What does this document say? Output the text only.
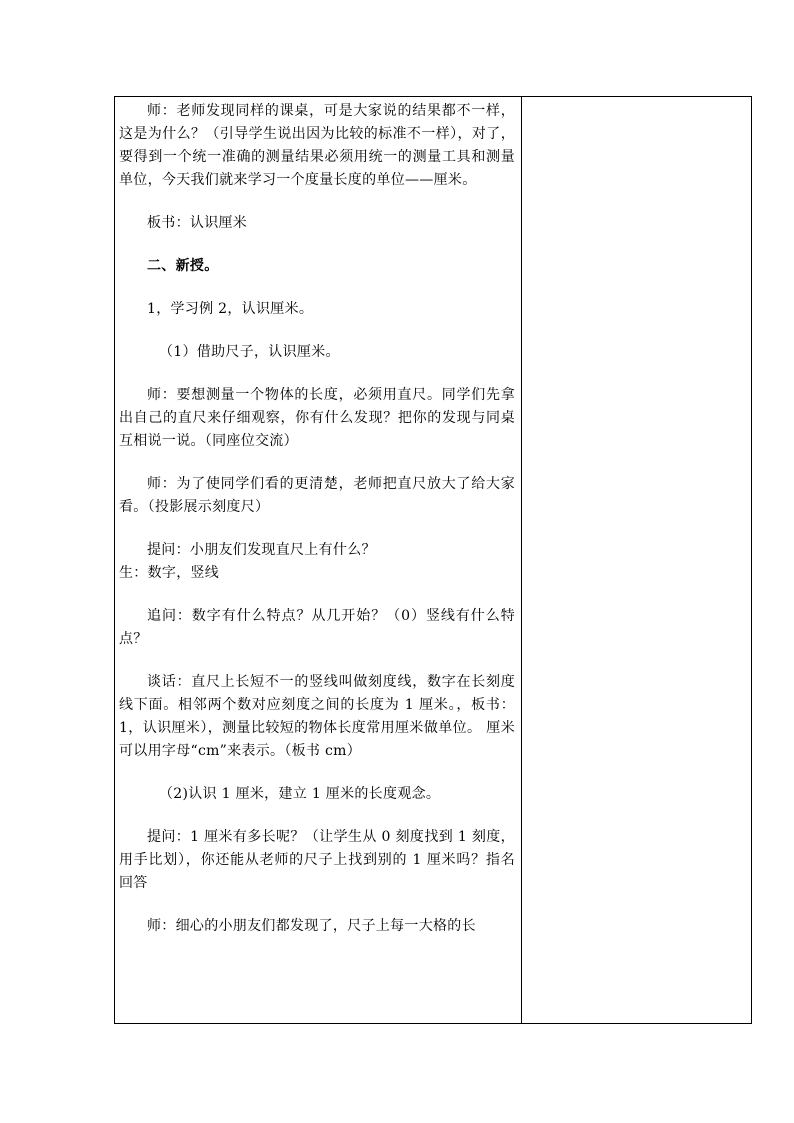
师：老师发现同样的课桌，可是大家说的结果都不一样，这是为什么？（引导学生说出因为比较的标准不一样），对了，要得到一个统一准确的测量结果必须用统一的测量工具和测量单位，今天我们就来学习一个度量长度的单位——厘米。

板书：认识厘米

二、新授。

1，学习例 2，认识厘米。

（1）借助尺子，认识厘米。

师：要想测量一个物体的长度，必须用直尺。同学们先拿出自己的直尺来仔细观察，你有什么发现？把你的发现与同桌互相说一说。（同座位交流）

师：为了使同学们看的更清楚，老师把直尺放大了给大家看。（投影展示刻度尺）

提问：小朋友们发现直尺上有什么？

生：数字，竖线

追问：数字有什么特点？从几开始？（0）竖线有什么特点？

谈话：直尺上长短不一的竖线叫做刻度线，数字在长刻度线下面。相邻两个数对应刻度之间的长度为 1 厘米。，板书：1，认识厘米），测量比较短的物体长度常用厘米做单位。 厘米可以用字母“cm”来表示。（板书 cm）

（2)认识 1 厘米，建立 1 厘米的长度观念。

提问：1 厘米有多长呢？（让学生从 0 刻度找到 1 刻度，用手比划），你还能从老师的尺子上找到别的 1 厘米吗？指名回答

师：细心的小朋友们都发现了，尺子上每一大格的长
